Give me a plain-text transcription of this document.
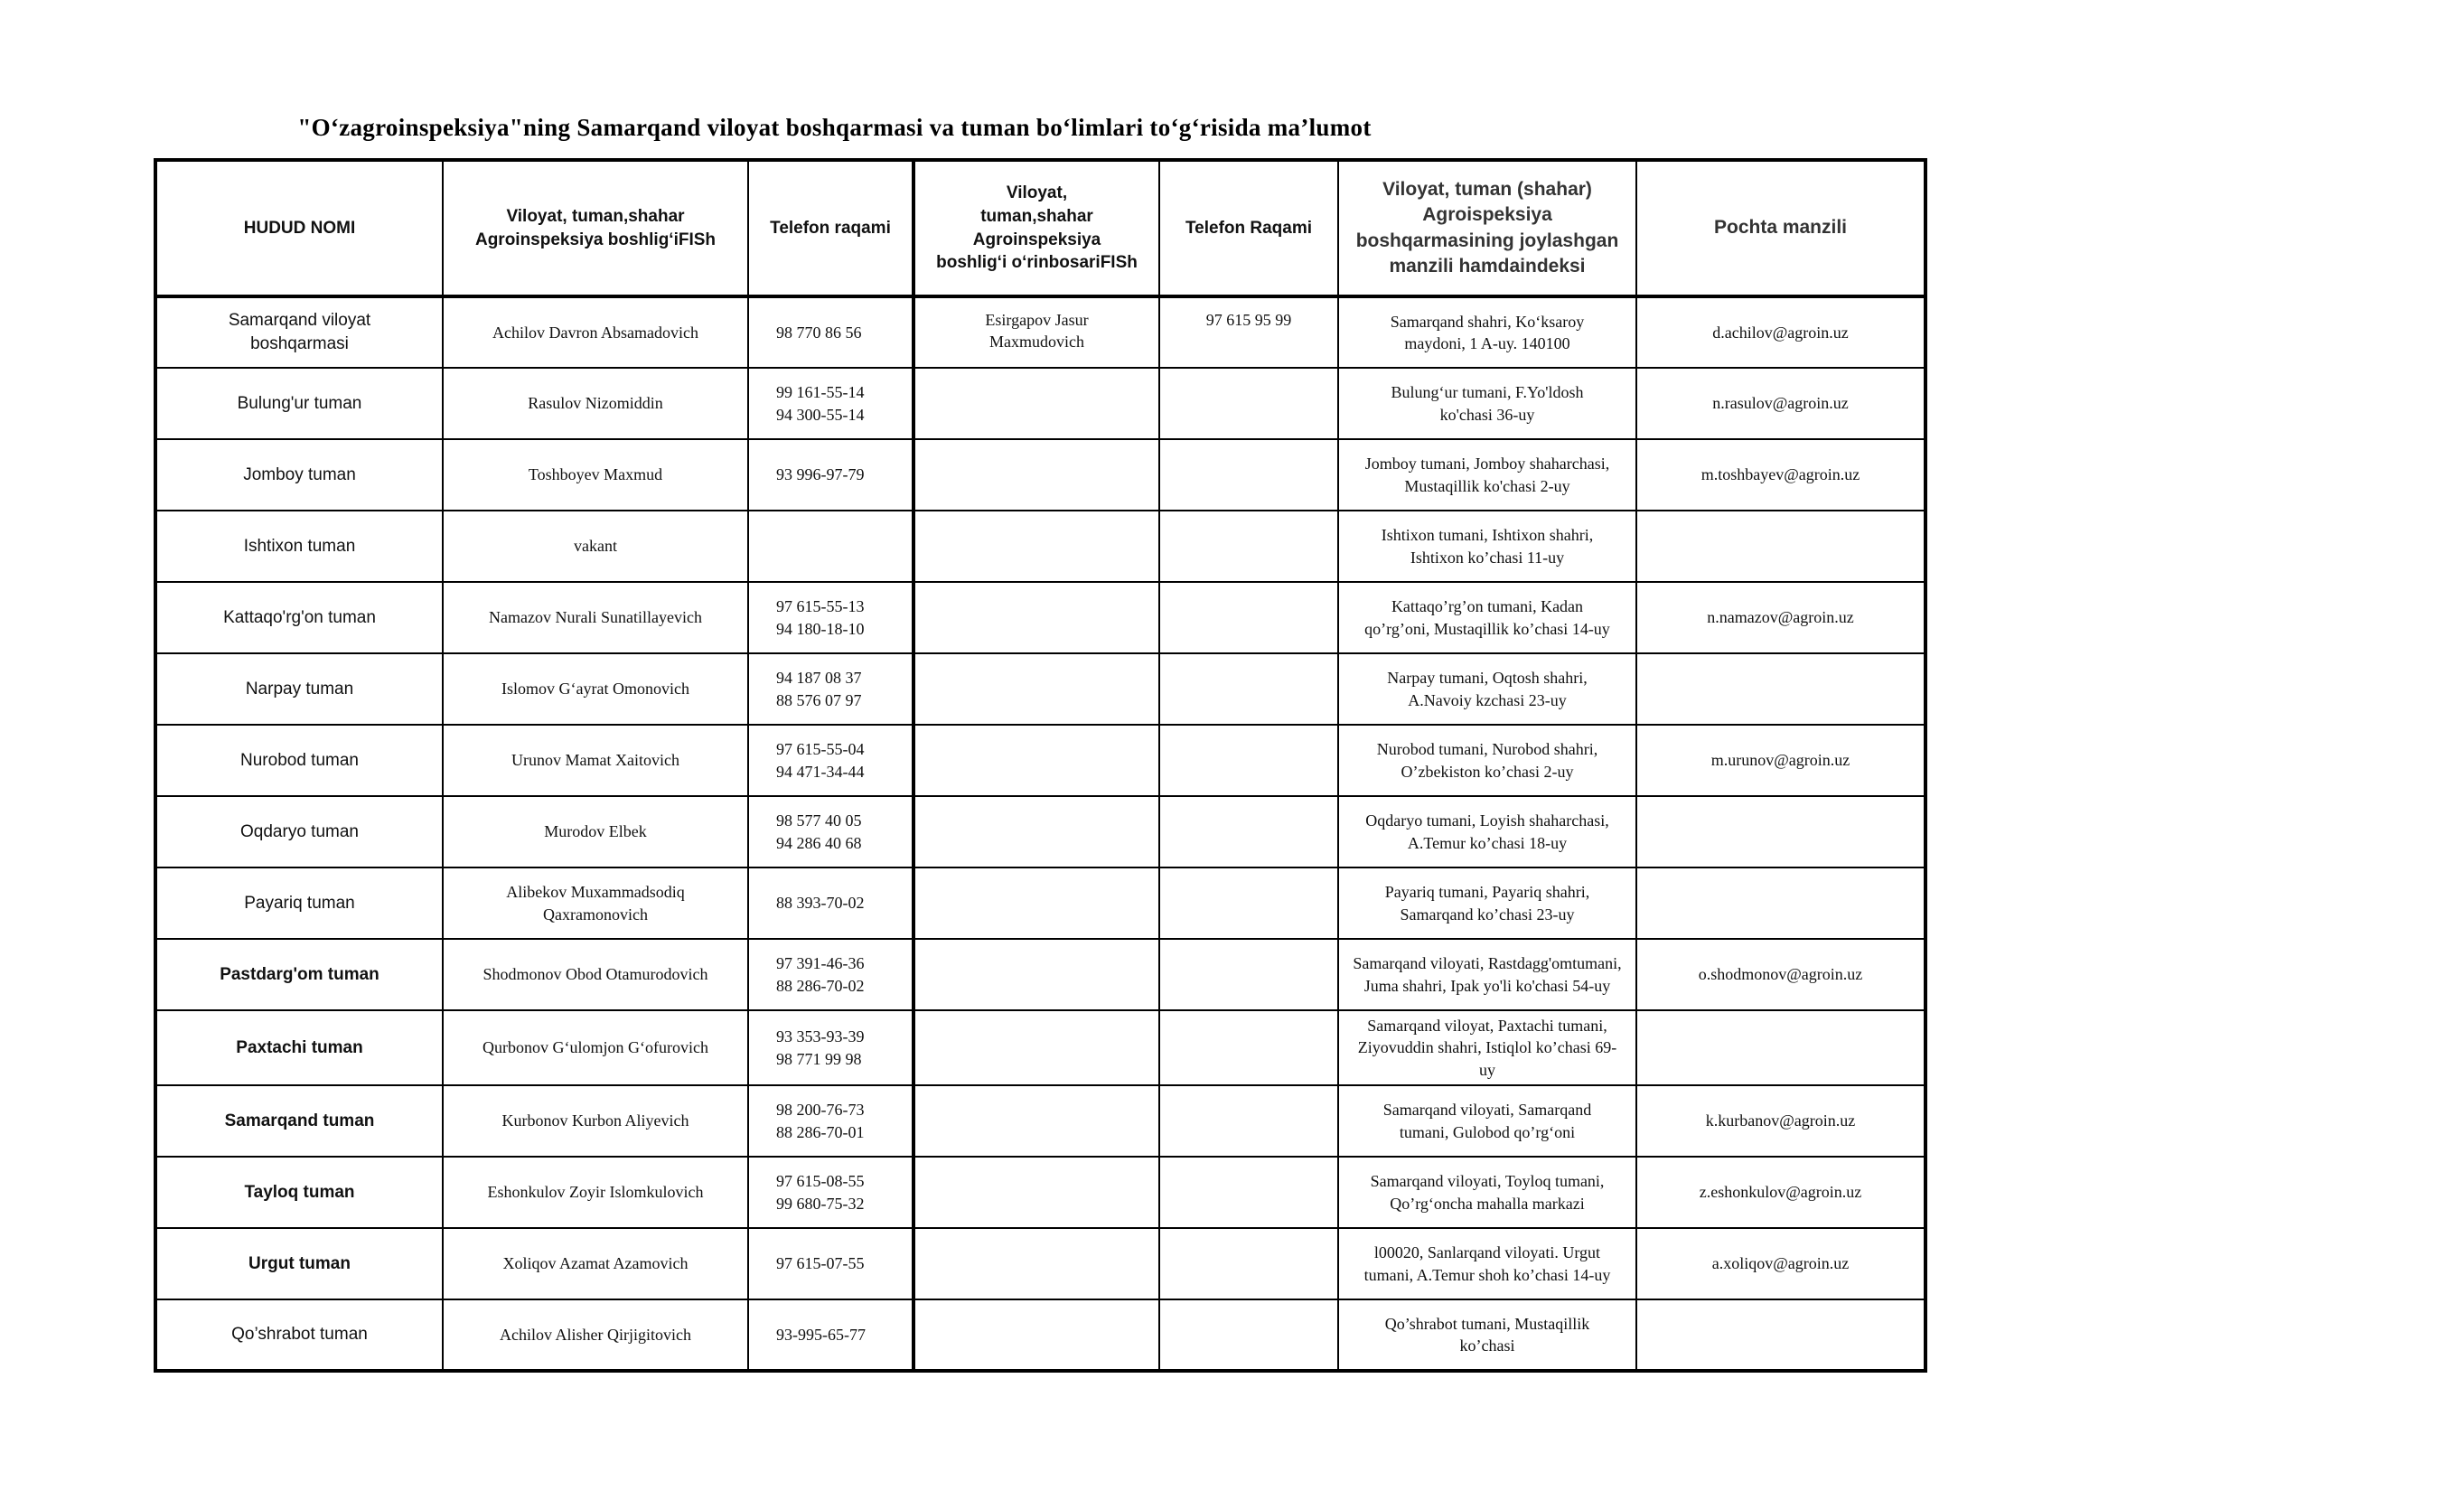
"O‘zagroinspeksiya"ning Samarqand viloyat boshqarmasi va tuman bo‘limlari to‘g‘risida ma’lumot
HUDUD NOMI	Viloyat, tuman,shahar
Agroinspeksiya boshlig‘iFISh	Telefon raqami	Viloyat,
tuman,shahar
Agroinspeksiya
boshlig‘i o‘rinbosariFISh	Telefon Raqami	Viloyat, tuman (shahar)
Agroispeksiya
boshqarmasining joylashgan
manzili hamdaindeksi	Pochta manzili
Samarqand viloyat
boshqarmasi	Achilov Davron Absamadovich	98 770 86 56	Esirgapov Jasur
Maxmudovich	97 615 95 99	Samarqand shahri, Ko‘ksaroy
maydoni, 1 A-uy. 140100	d.achilov@agroin.uz
Bulung'ur tuman	Rasulov Nizomiddin	99 161-55-14
94 300-55-14			Bulung‘ur tumani, F.Yo'ldosh
ko'chasi 36-uy	n.rasulov@agroin.uz
Jomboy tuman	Toshboyev Maxmud	93 996-97-79			Jomboy tumani, Jomboy shaharchasi,
Mustaqillik ko'chasi 2-uy	m.toshbayev@agroin.uz
Ishtixon tuman	vakant				Ishtixon tumani, Ishtixon shahri,
Ishtixon ko’chasi 11-uy	
Kattaqo'rg'on tuman	Namazov Nurali Sunatillayevich	97 615-55-13
94 180-18-10			Kattaqo’rg’on tumani, Kadan
qo’rg’oni, Mustaqillik ko’chasi 14-uy	n.namazov@agroin.uz
Narpay tuman	Islomov G‘ayrat Omonovich	94 187 08 37
88 576 07 97			Narpay tumani, Oqtosh shahri,
A.Navoiy kzchasi 23-uy	
Nurobod tuman	Urunov Mamat Xaitovich	97 615-55-04
94 471-34-44			Nurobod tumani, Nurobod shahri,
O’zbekiston ko’chasi 2-uy	m.urunov@agroin.uz
Oqdaryo tuman	Murodov Elbek	98 577 40 05
94 286 40 68			Oqdaryo tumani, Loyish shaharchasi,
A.Temur ko’chasi 18-uy	
Payariq tuman	Alibekov Muxammadsodiq
Qaxramonovich	88 393-70-02			Payariq tumani, Payariq shahri,
Samarqand ko’chasi 23-uy	
Pastdarg'om tuman	Shodmonov Obod Otamurodovich	97 391-46-36
88 286-70-02			Samarqand viloyati, Rastdagg'omtumani,
Juma shahri, Ipak yo'li ko'chasi 54-uy	o.shodmonov@agroin.uz
Paxtachi tuman	Qurbonov G‘ulomjon G‘ofurovich	93 353-93-39
98 771 99 98			Samarqand viloyat, Paxtachi tumani,
Ziyovuddin shahri, Istiqlol ko’chasi 69-
uy	
Samarqand tuman	Kurbonov Kurbon Aliyevich	98 200-76-73
88 286-70-01			Samarqand viloyati, Samarqand
tumani, Gulobod qo’rg‘oni	k.kurbanov@agroin.uz
Tayloq tuman	Eshonkulov Zoyir Islomkulovich	97 615-08-55
99 680-75-32			Samarqand viloyati, Toyloq tumani,
Qo’rg‘oncha mahalla markazi	z.eshonkulov@agroin.uz
Urgut tuman	Xoliqov Azamat Azamovich	97 615-07-55			l00020, Sanlarqand viloyati. Urgut
tumani, A.Temur shoh ko’chasi 14-uy	a.xoliqov@agroin.uz
Qo’shrabot tuman	Achilov Alisher Qirjigitovich	93-995-65-77			Qo’shrabot tumani, Mustaqillik
ko’chasi	
